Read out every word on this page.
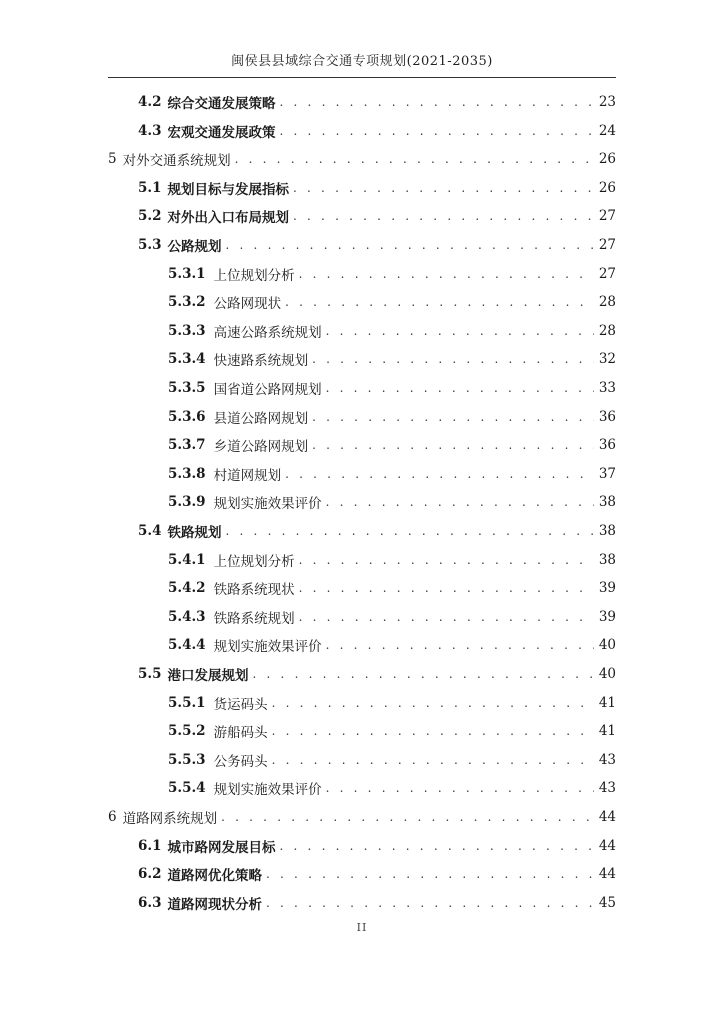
闽侯县县域综合交通专项规划(2021-2035)
4.2 综合交通发展策略 . . .	23
4.3 宏观交通发展政策 . . .	24
5 对外交通系统规划 . . .	26
5.1 规划目标与发展指标 . . .	26
5.2 对外出入口布局规划 . . .	27
5.3 公路规划 . . .	27
5.3.1 上位规划分析 . . .	27
5.3.2 公路网现状 . . .	28
5.3.3 高速公路系统规划 . . .	28
5.3.4 快速路系统规划 . . .	32
5.3.5 国省道公路网规划 . . .	33
5.3.6 县道公路网规划 . . .	36
5.3.7 乡道公路网规划 . . .	36
5.3.8 村道网规划 . . .	37
5.3.9 规划实施效果评价 . . .	38
5.4 铁路规划 . . .	38
5.4.1 上位规划分析 . . .	38
5.4.2 铁路系统现状 . . .	39
5.4.3 铁路系统规划 . . .	39
5.4.4 规划实施效果评价 . . .	40
5.5 港口发展规划 . . .	40
5.5.1 货运码头 . . .	41
5.5.2 游船码头 . . .	41
5.5.3 公务码头 . . .	43
5.5.4 规划实施效果评价 . . .	43
6 道路网系统规划 . . .	44
6.1 城市路网发展目标 . . .	44
6.2 道路网优化策略 . . .	44
6.3 道路网现状分析 . . .	45
II
